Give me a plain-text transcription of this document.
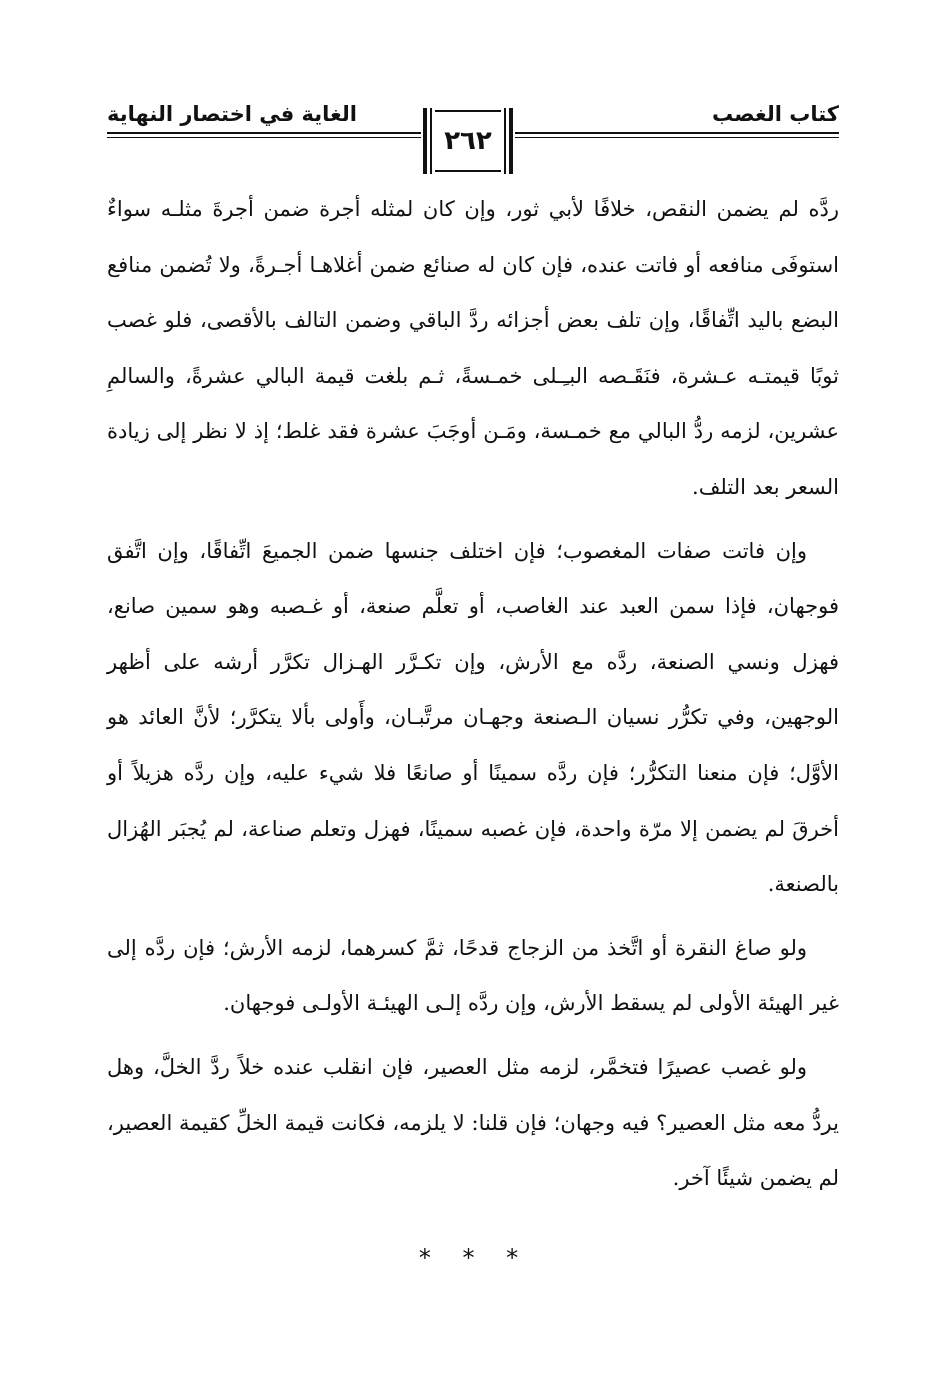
كتاب الغصب
الغاية في اختصار النهاية
٢٦٢

ردَّه لم يضمن النقص، خلافًا لأبي ثور، وإن كان لمثله أجرة ضمن أجرةَ مثلـه سواءٌ استوفَى منافعه أو فاتت عنده، فإن كان له صنائع ضمن أغلاهـا أجـرةً، ولا تُضمن منافع البضع باليد اتِّفاقًا، وإن تلف بعض أجزائه ردَّ الباقي وضمن التالف بالأقصى، فلو غصب ثوبًا قيمتـه عـشرة، فنَقَـصه البـِـلى خمـسةً، ثـم بلغت قيمة البالي عشرةً، والسالمِ عشرين، لزمه ردُّ البالي مع خمـسة، ومَـن أوجَبَ عشرة فقد غلط؛ إذ لا نظر إلى زيادة السعر بعد التلف.

وإن فاتت صفات المغصوب؛ فإن اختلف جنسها ضمن الجميعَ اتِّفاقًا، وإن اتَّفق فوجهان، فإذا سمن العبد عند الغاصب، أو تعلَّم صنعة، أو غـصبه وهو سمين صانع، فهزل ونسي الصنعة، ردَّه مع الأرش، وإن تكـرَّر الهـزال تكرَّر أرشه على أظهر الوجهين، وفي تكرُّر نسيان الـصنعة وجهـان مرتَّبـان، وأَولى بألا يتكرَّر؛ لأنَّ العائد هو الأوَّل؛ فإن منعنا التكرُّر؛ فإن ردَّه سمينًا أو صانعًا فلا شيء عليه، وإن ردَّه هزيلاً أو أخرقَ لم يضمن إلا مرّة واحدة، فإن غصبه سمينًا، فهزل وتعلم صناعة، لم يُجبَر الهُزال بالصنعة.

ولو صاغ النقرة أو اتَّخذ من الزجاج قدحًا، ثمَّ كسرهما، لزمه الأرش؛ فإن ردَّه إلى غير الهيئة الأولى لم يسقط الأرش، وإن ردَّه إلـى الهيئـة الأولـى فوجهان.

ولو غصب عصيرًا فتخمَّر، لزمه مثل العصير، فإن انقلب عنده خلاً ردَّ الخلَّ، وهل يردُّ معه مثل العصير؟ فيه وجهان؛ فإن قلنا: لا يلزمه، فكانت قيمة الخلِّ كقيمة العصير، لم يضمن شيئًا آخر.

* * *
